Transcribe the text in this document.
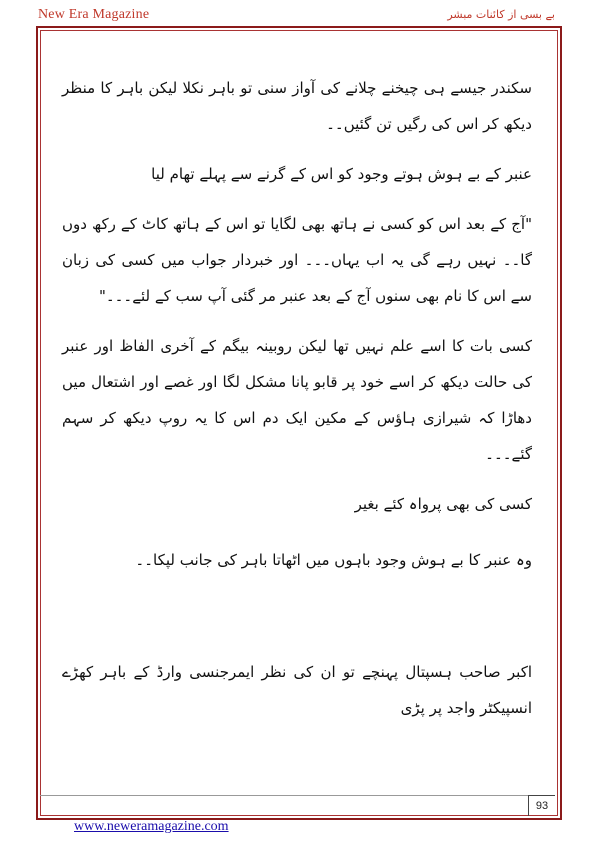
New Era Magazine	بے بسی از کائنات مبشر

سکندر جیسے ہی چیخنے چلانے کی آواز سنی تو باہر نکلا لیکن باہر کا منظر دیکھ کر اس کی رگیں تن گئیں۔۔

عنبر کے بے ہوش ہوتے وجود کو اس کے گرنے سے پہلے تھام لیا

"آج کے بعد اس کو کسی نے ہاتھ بھی لگایا تو اس کے ہاتھ کاٹ کے رکھ دوں گا۔۔ نہیں رہے گی یہ اب یہاں۔۔۔ اور خبردار جواب میں کسی کی زبان سے اس کا نام بھی سنوں آج کے بعد عنبر مر گئی آپ سب کے لئے۔۔۔"

کسی بات کا اسے علم نہیں تھا لیکن روبینہ بیگم کے آخری الفاظ اور عنبر کی حالت دیکھ کر اسے خود پر قابو پانا مشکل لگا اور غصے اور اشتعال میں دھاڑا کہ شیرازی ہاؤس کے مکین ایک دم اس کا یہ روپ دیکھ کر سہم گئے۔۔۔

کسی کی بھی پرواہ کئے بغیر

وہ عنبر کا بے ہوش وجود باہوں میں اٹھاتا باہر کی جانب لپکا۔۔

اکبر صاحب ہسپتال پہنچے تو ان کی نظر ایمرجنسی وارڈ کے باہر کھڑے انسپیکٹر واجد پر پڑی

93
www.neweramagazine.com
